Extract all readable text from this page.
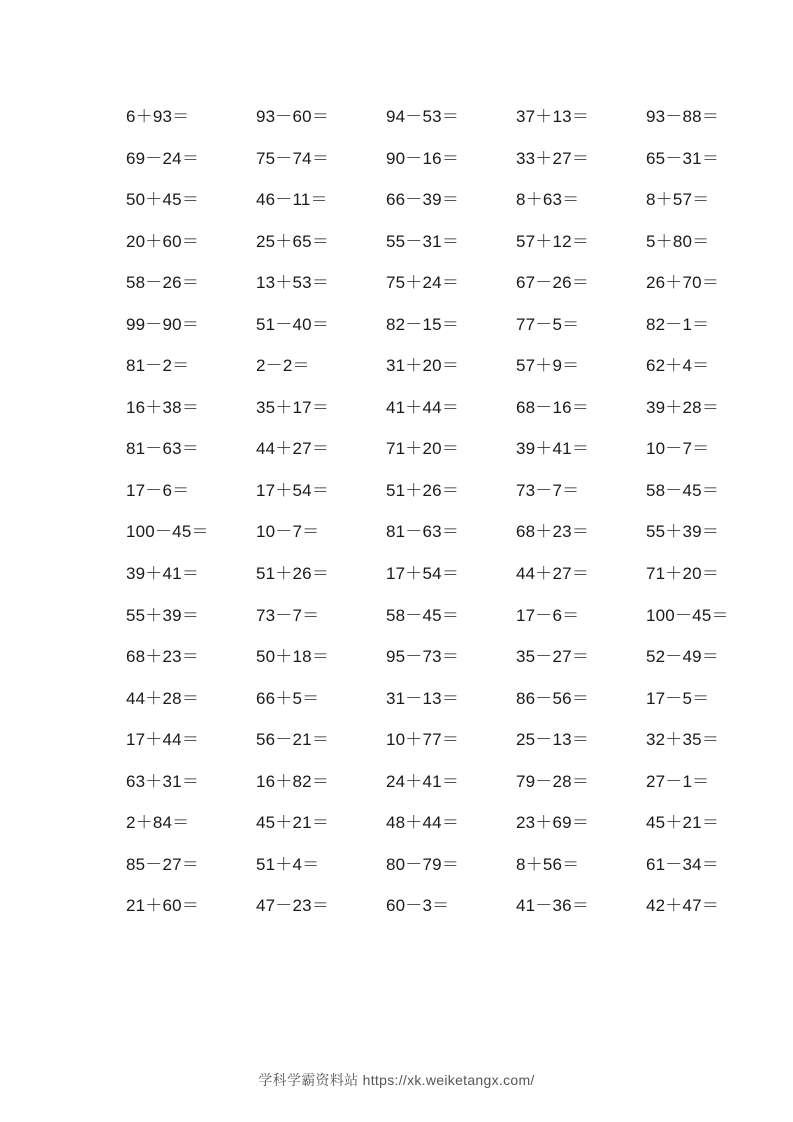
6＋93＝	93－60＝	94－53＝	37＋13＝	93－88＝
69－24＝	75－74＝	90－16＝	33＋27＝	65－31＝
50＋45＝	46－11＝	66－39＝	8＋63＝	8＋57＝
20＋60＝	25＋65＝	55－31＝	57＋12＝	5＋80＝
58－26＝	13＋53＝	75＋24＝	67－26＝	26＋70＝
99－90＝	51－40＝	82－15＝	77－5＝	82－1＝
81－2＝	2－2＝	31＋20＝	57＋9＝	62＋4＝
16＋38＝	35＋17＝	41＋44＝	68－16＝	39＋28＝
81－63＝	44＋27＝	71＋20＝	39＋41＝	10－7＝
17－6＝	17＋54＝	51＋26＝	73－7＝	58－45＝
100－45＝	10－7＝	81－63＝	68＋23＝	55＋39＝
39＋41＝	51＋26＝	17＋54＝	44＋27＝	71＋20＝
55＋39＝	73－7＝	58－45＝	17－6＝	100－45＝
68＋23＝	50＋18＝	95－73＝	35－27＝	52－49＝
44＋28＝	66＋5＝	31－13＝	86－56＝	17－5＝
17＋44＝	56－21＝	10＋77＝	25－13＝	32＋35＝
63＋31＝	16＋82＝	24＋41＝	79－28＝	27－1＝
2＋84＝	45＋21＝	48＋44＝	23＋69＝	45＋21＝
85－27＝	51＋4＝	80－79＝	8＋56＝	61－34＝
21＋60＝	47－23＝	60－3＝	41－36＝	42＋47＝
学科学霸资料站 https://xk.weiketangx.com/
